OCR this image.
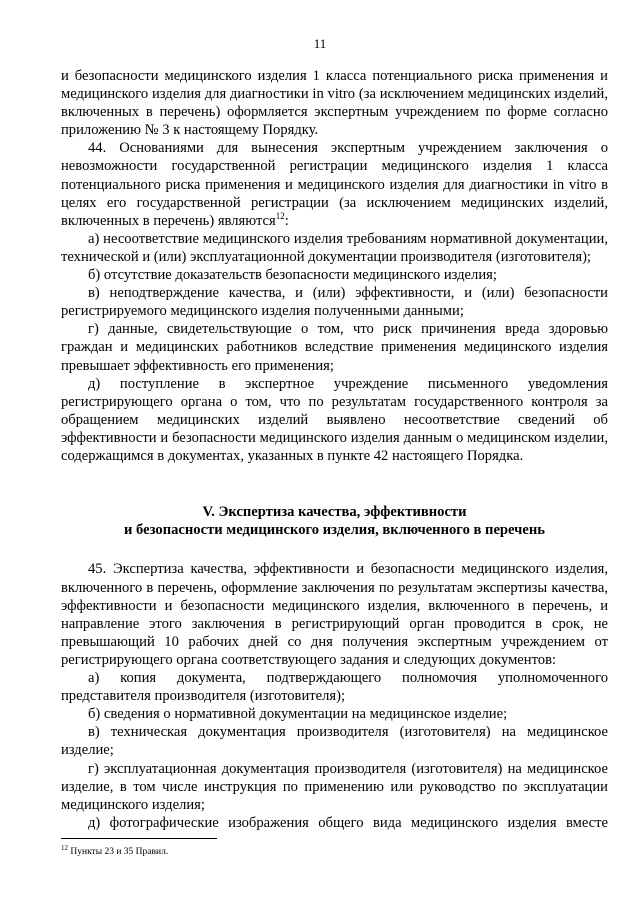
11

и безопасности медицинского изделия 1 класса потенциального риска применения и медицинского изделия для диагностики in vitro (за исключением медицинских изделий, включенных в перечень) оформляется экспертным учреждением по форме согласно приложению № 3 к настоящему Порядку.

44. Основаниями для вынесения экспертным учреждением заключения о невозможности государственной регистрации медицинского изделия 1 класса потенциального риска применения и медицинского изделия для диагностики in vitro в целях его государственной регистрации (за исключением медицинских изделий, включенных в перечень) являются$^{12}$:

а) несоответствие медицинского изделия требованиям нормативной документации, технической и (или) эксплуатационной документации производителя (изготовителя);

б) отсутствие доказательств безопасности медицинского изделия;

в) неподтверждение качества, и (или) эффективности, и (или) безопасности регистрируемого медицинского изделия полученными данными;

г) данные, свидетельствующие о том, что риск причинения вреда здоровью граждан и медицинских работников вследствие применения медицинского изделия превышает эффективность его применения;

д) поступление в экспертное учреждение письменного уведомления регистрирующего органа о том, что по результатам государственного контроля за обращением медицинских изделий выявлено несоответствие сведений об эффективности и безопасности медицинского изделия данным о медицинском изделии, содержащимся в документах, указанных в пункте 42 настоящего Порядка.

V. Экспертиза качества, эффективности
и безопасности медицинского изделия, включенного в перечень

45. Экспертиза качества, эффективности и безопасности медицинского изделия, включенного в перечень, оформление заключения по результатам экспертизы качества, эффективности и безопасности медицинского изделия, включенного в перечень, и направление этого заключения в регистрирующий орган проводится в срок, не превышающий 10 рабочих дней со дня получения экспертным учреждением от регистрирующего органа соответствующего задания и следующих документов:

а) копия документа, подтверждающего полномочия уполномоченного представителя производителя (изготовителя);

б) сведения о нормативной документации на медицинское изделие;

в) техническая документация производителя (изготовителя) на медицинское изделие;

г) эксплуатационная документация производителя (изготовителя) на медицинское изделие, в том числе инструкция по применению или руководство по эксплуатации медицинского изделия;

д) фотографические изображения общего вида медицинского изделия вместе

$^{12}$ Пункты 23 и 35 Правил.
